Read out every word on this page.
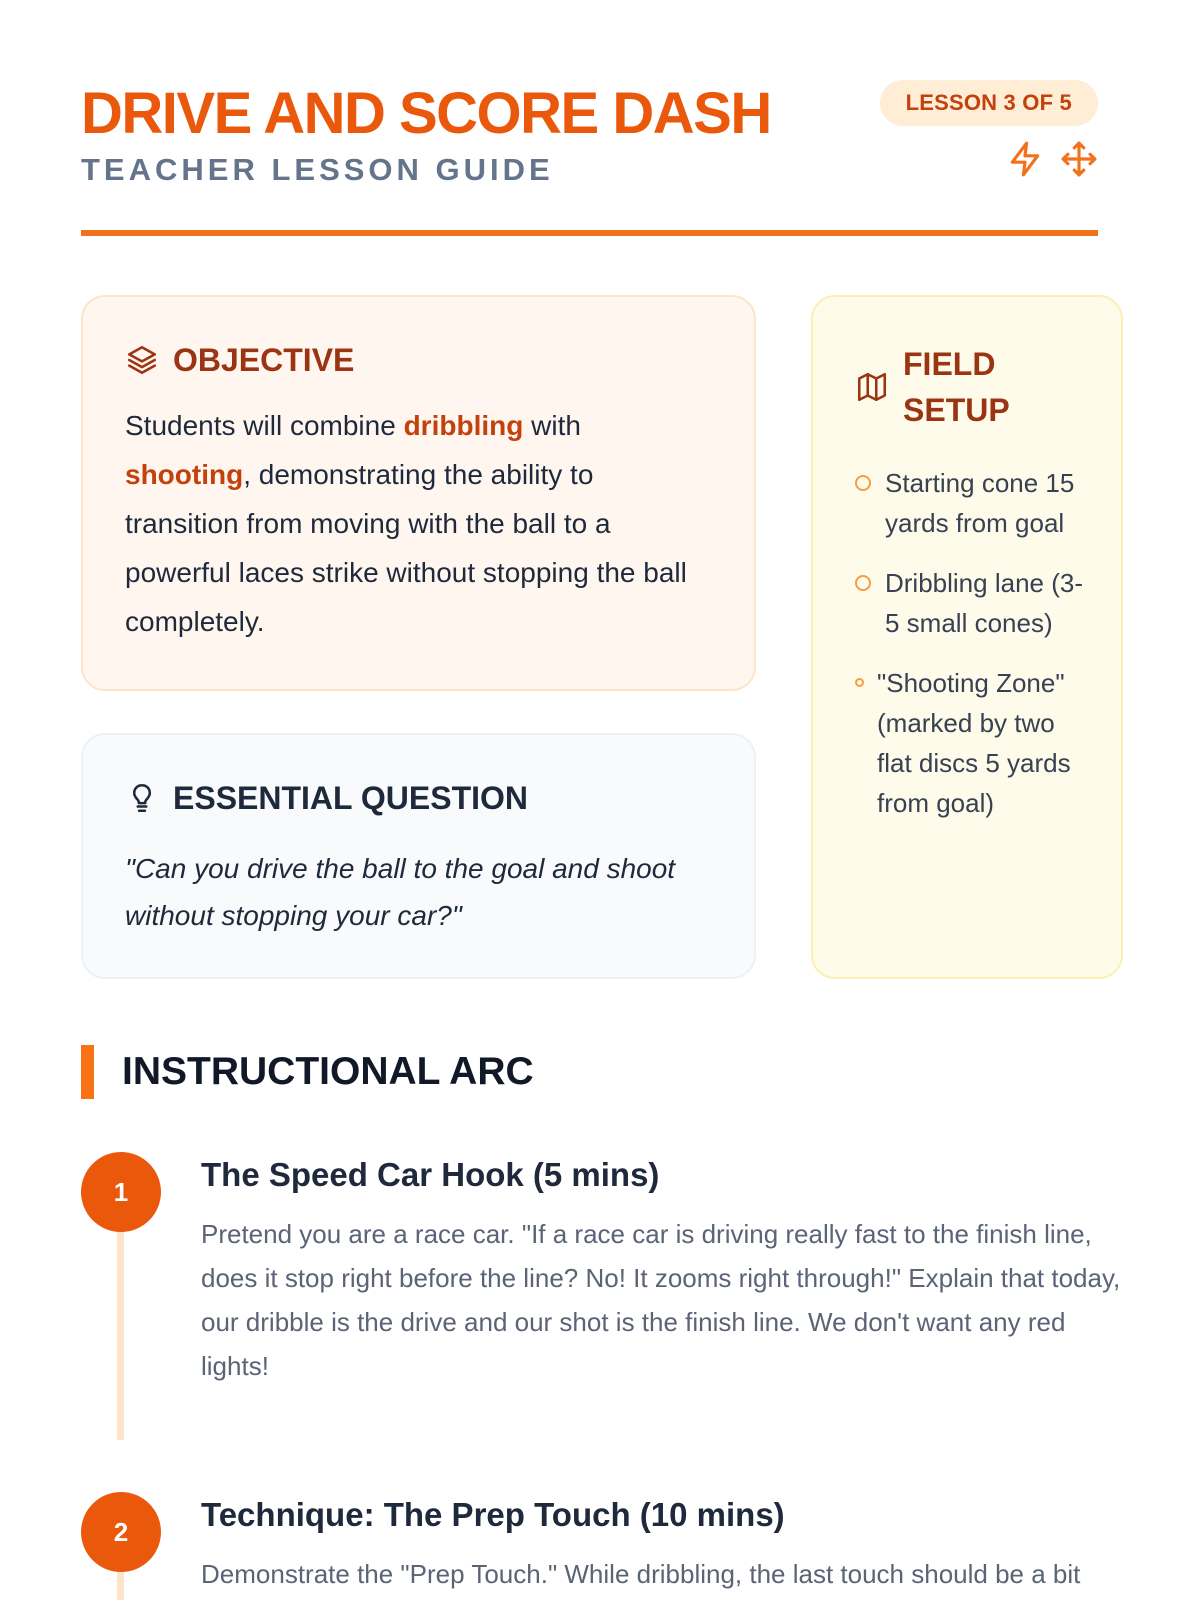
DRIVE AND SCORE DASH
TEACHER LESSON GUIDE
LESSON 3 OF 5
OBJECTIVE

Students will combine dribbling with shooting, demonstrating the ability to transition from moving with the ball to a powerful laces strike without stopping the ball completely.

ESSENTIAL QUESTION

"Can you drive the ball to the goal and shoot without stopping your car?"

FIELD
SETUP
Starting cone 15 yards from goal
Dribbling lane (3-5 small cones)
"Shooting Zone" (marked by two flat discs 5 yards from goal)
INSTRUCTIONAL ARC
1	The Speed Car Hook (5 mins)

Pretend you are a race car. "If a race car is driving really fast to the finish line, does it stop right before the line? No! It zooms right through!" Explain that today, our dribble is the drive and our shot is the finish line. We don't want any red lights!

2	Technique: The Prep Touch (10 mins)

Demonstrate the "Prep Touch." While dribbling, the last touch should be a bit
